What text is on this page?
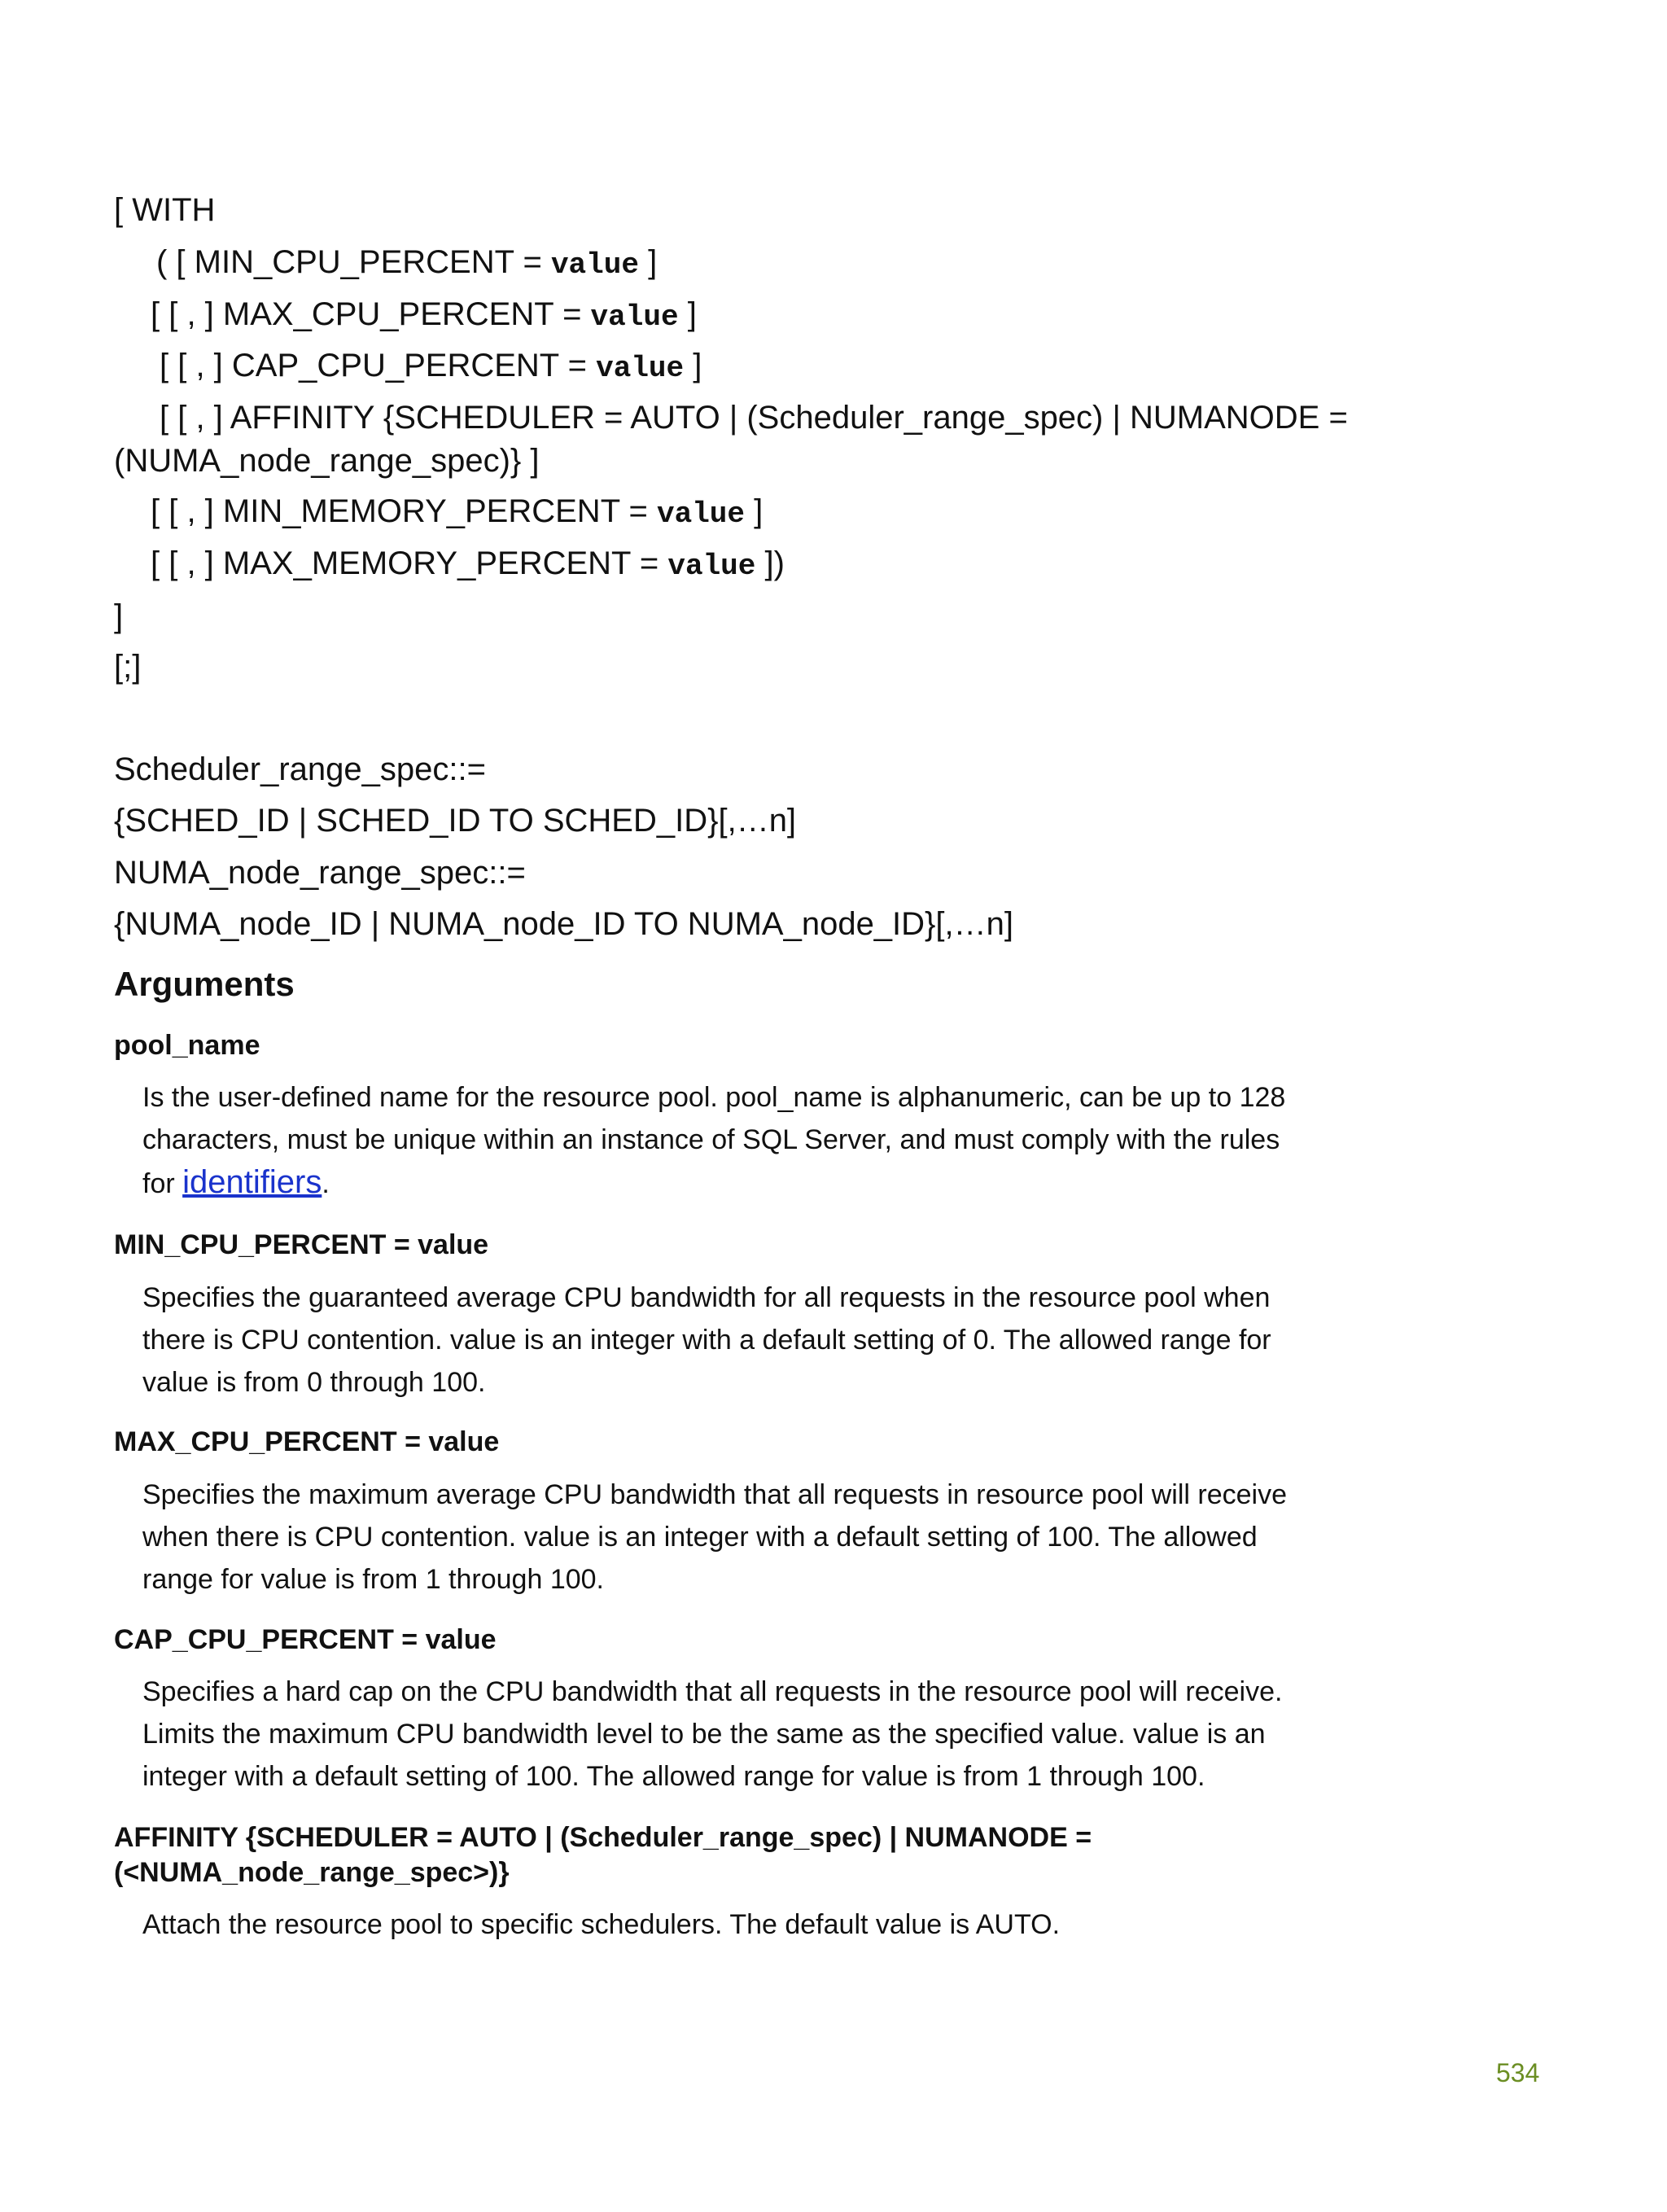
[ WITH
( [ MIN_CPU_PERCENT = value ]
[ [ , ] MAX_CPU_PERCENT = value ]
[ [ , ] CAP_CPU_PERCENT = value ]
[ [ , ] AFFINITY {SCHEDULER = AUTO | (Scheduler_range_spec) | NUMANODE =
(NUMA_node_range_spec)} ]
[ [ , ] MIN_MEMORY_PERCENT = value ]
[ [ , ] MAX_MEMORY_PERCENT = value ])
]
[;]
Scheduler_range_spec::=
{SCHED_ID | SCHED_ID TO SCHED_ID}[,…n]
NUMA_node_range_spec::=
{NUMA_node_ID | NUMA_node_ID TO NUMA_node_ID}[,…n]
Arguments
pool_name

Is the user-defined name for the resource pool. pool_name is alphanumeric, can be up to 128

characters, must be unique within an instance of SQL Server, and must comply with the rules

for identifiers.

MIN_CPU_PERCENT = value

Specifies the guaranteed average CPU bandwidth for all requests in the resource pool when

there is CPU contention. value is an integer with a default setting of 0. The allowed range for

value is from 0 through 100.

MAX_CPU_PERCENT = value

Specifies the maximum average CPU bandwidth that all requests in resource pool will receive

when there is CPU contention. value is an integer with a default setting of 100. The allowed

range for value is from 1 through 100.

CAP_CPU_PERCENT = value

Specifies a hard cap on the CPU bandwidth that all requests in the resource pool will receive.

Limits the maximum CPU bandwidth level to be the same as the specified value. value is an

integer with a default setting of 100. The allowed range for value is from 1 through 100.

AFFINITY {SCHEDULER = AUTO | (Scheduler_range_spec) | NUMANODE =
(<NUMA_node_range_spec>)}

Attach the resource pool to specific schedulers. The default value is AUTO.

534
